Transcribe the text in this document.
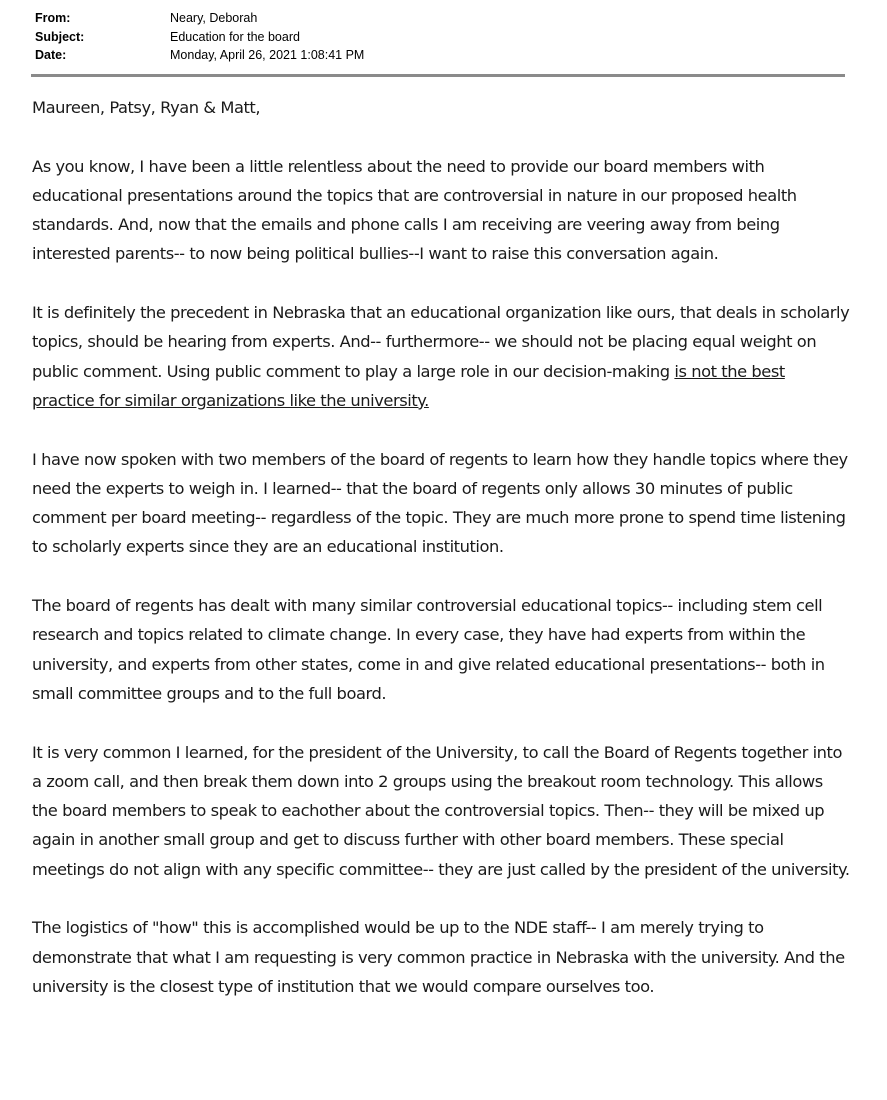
From:	Neary, Deborah
Subject:	Education for the board
Date:	Monday, April 26, 2021 1:08:41 PM

Maureen, Patsy, Ryan & Matt,

As you know, I have been a little relentless about the need to provide our board members with educational presentations around the topics that are controversial in nature in our proposed health standards. And, now that the emails and phone calls I am receiving are veering away from being interested parents-- to now being political bullies--I want to raise this conversation again.

It is definitely the precedent in Nebraska that an educational organization like ours, that deals in scholarly topics, should be hearing from experts. And-- furthermore-- we should not be placing equal weight on public comment. Using public comment to play a large role in our decision-making is not the best practice for similar organizations like the university.

I have now spoken with two members of the board of regents to learn how they handle topics where they need the experts to weigh in. I learned-- that the board of regents only allows 30 minutes of public comment per board meeting-- regardless of the topic. They are much more prone to spend time listening to scholarly experts since they are an educational institution.

The board of regents has dealt with many similar controversial educational topics-- including stem cell research and topics related to climate change. In every case, they have had experts from within the university, and experts from other states, come in and give related educational presentations-- both in small committee groups and to the full board.

It is very common I learned, for the president of the University, to call the Board of Regents together into a zoom call, and then break them down into 2 groups using the breakout room technology. This allows the board members to speak to eachother about the controversial topics. Then-- they will be mixed up again in another small group and get to discuss further with other board members. These special meetings do not align with any specific committee-- they are just called by the president of the university.

The logistics of "how" this is accomplished would be up to the NDE staff-- I am merely trying to demonstrate that what I am requesting is very common practice in Nebraska with the university. And the university is the closest type of institution that we would compare ourselves too.
